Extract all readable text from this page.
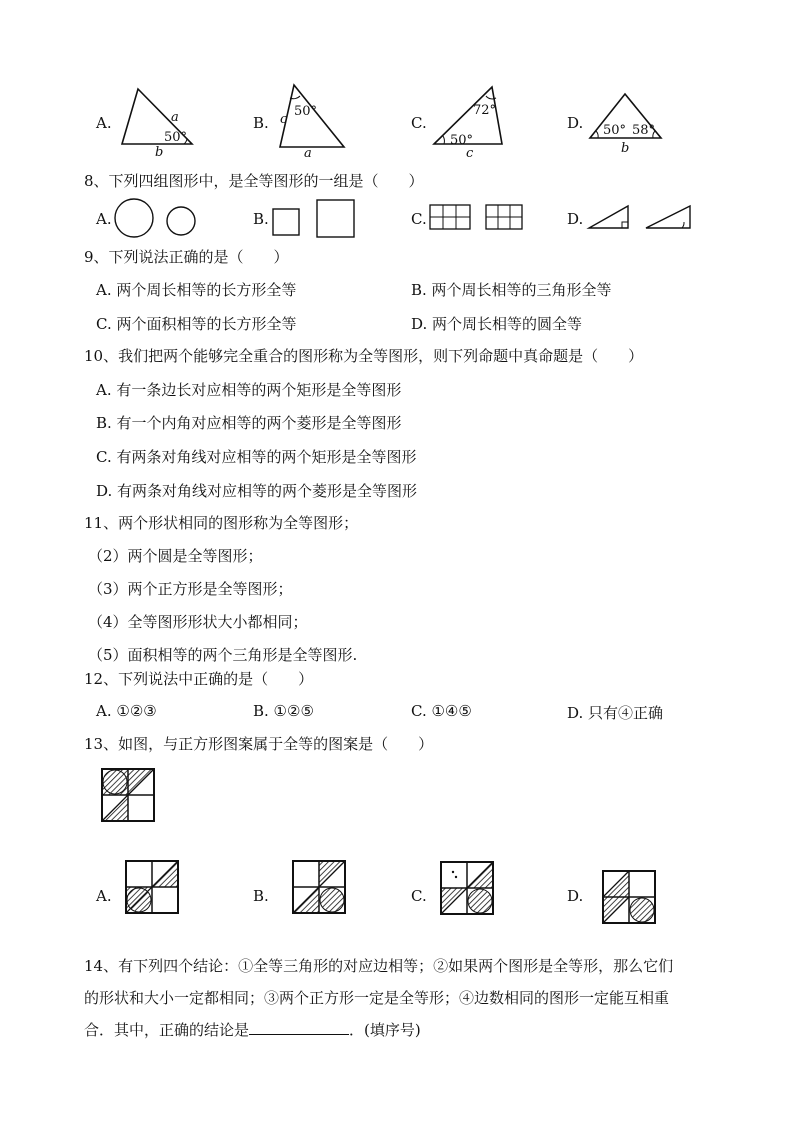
A.	a
50°
b
B.
50°
c
a
C.
72°
50°
c
D. 50° 58°
b
8、下列四组图形中，是全等图形的一组是（　　）
A.	B.	C.	D.
9、下列说法正确的是（　　）
A. 两个周长相等的长方形全等	B. 两个周长相等的三角形全等
C. 两个面积相等的长方形全等	D. 两个周长相等的圆全等
10、我们把两个能够完全重合的图形称为全等图形，则下列命题中真命题是（　　）
A. 有一条边长对应相等的两个矩形是全等图形
B. 有一个内角对应相等的两个菱形是全等图形
C. 有两条对角线对应相等的两个矩形是全等图形
D. 有两条对角线对应相等的两个菱形是全等图形
11、两个形状相同的图形称为全等图形；
（2）两个圆是全等图形；
（3）两个正方形是全等图形；
（4）全等图形形状大小都相同；
（5）面积相等的两个三角形是全等图形.
12、下列说法中正确的是（　　）
A. ①②③	B. ①②⑤	C. ①④⑤	D. 只有④正确
13、如图，与正方形图案属于全等的图案是（　　）
A.	B.	C.	D.
14、有下列四个结论：①全等三角形的对应边相等；②如果两个图形是全等形，那么它们
的形状和大小一定都相同；③两个正方形一定是全等形；④边数相同的图形一定能互相重
合．其中，正确的结论是	．(填序号)
